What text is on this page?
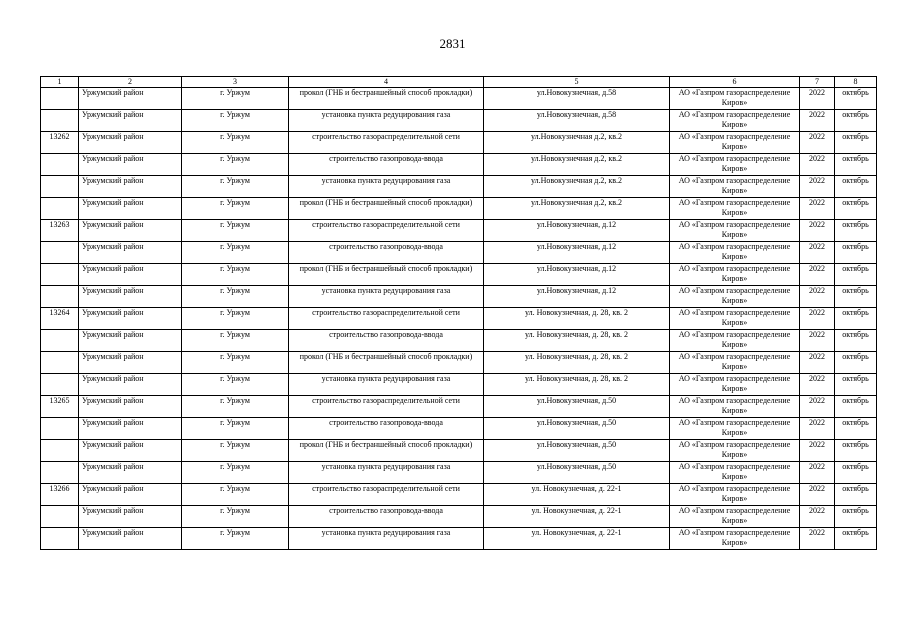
2831
1	2	3	4	5	6	7	8
	Уржумский район	г. Уржум	прокол (ГНБ и бестраншейный способ прокладки)	ул.Новокузнечная, д.58	АО «Газпром газораспределение Киров»	2022	октябрь
	Уржумский район	г. Уржум	установка пункта редуцирования газа	ул.Новокузнечная, д.58	АО «Газпром газораспределение Киров»	2022	октябрь
13262	Уржумский район	г. Уржум	строительство газораспределительной сети	ул.Новокузнечная д.2, кв.2	АО «Газпром газораспределение Киров»	2022	октябрь
	Уржумский район	г. Уржум	строительство газопровода-ввода	ул.Новокузнечная д.2, кв.2	АО «Газпром газораспределение Киров»	2022	октябрь
	Уржумский район	г. Уржум	установка пункта редуцирования газа	ул.Новокузнечная д.2, кв.2	АО «Газпром газораспределение Киров»	2022	октябрь
	Уржумский район	г. Уржум	прокол (ГНБ и бестраншейный способ прокладки)	ул.Новокузнечная д.2, кв.2	АО «Газпром газораспределение Киров»	2022	октябрь
13263	Уржумский район	г. Уржум	строительство газораспределительной сети	ул.Новокузнечная, д.12	АО «Газпром газораспределение Киров»	2022	октябрь
	Уржумский район	г. Уржум	строительство газопровода-ввода	ул.Новокузнечная, д.12	АО «Газпром газораспределение Киров»	2022	октябрь
	Уржумский район	г. Уржум	прокол (ГНБ и бестраншейный способ прокладки)	ул.Новокузнечная, д.12	АО «Газпром газораспределение Киров»	2022	октябрь
	Уржумский район	г. Уржум	установка пункта редуцирования газа	ул.Новокузнечная, д.12	АО «Газпром газораспределение Киров»	2022	октябрь
13264	Уржумский район	г. Уржум	строительство газораспределительной сети	ул. Новокузнечная, д. 28, кв. 2	АО «Газпром газораспределение Киров»	2022	октябрь
	Уржумский район	г. Уржум	строительство газопровода-ввода	ул. Новокузнечная, д. 28, кв. 2	АО «Газпром газораспределение Киров»	2022	октябрь
	Уржумский район	г. Уржум	прокол (ГНБ и бестраншейный способ прокладки)	ул. Новокузнечная, д. 28, кв. 2	АО «Газпром газораспределение Киров»	2022	октябрь
	Уржумский район	г. Уржум	установка пункта редуцирования газа	ул. Новокузнечная, д. 28, кв. 2	АО «Газпром газораспределение Киров»	2022	октябрь
13265	Уржумский район	г. Уржум	строительство газораспределительной сети	ул.Новокузнечная, д.50	АО «Газпром газораспределение Киров»	2022	октябрь
	Уржумский район	г. Уржум	строительство газопровода-ввода	ул.Новокузнечная, д.50	АО «Газпром газораспределение Киров»	2022	октябрь
	Уржумский район	г. Уржум	прокол (ГНБ и бестраншейный способ прокладки)	ул.Новокузнечная, д.50	АО «Газпром газораспределение Киров»	2022	октябрь
	Уржумский район	г. Уржум	установка пункта редуцирования газа	ул.Новокузнечная, д.50	АО «Газпром газораспределение Киров»	2022	октябрь
13266	Уржумский район	г. Уржум	строительство газораспределительной сети	ул. Новокузнечная, д. 22-1	АО «Газпром газораспределение Киров»	2022	октябрь
	Уржумский район	г. Уржум	строительство газопровода-ввода	ул. Новокузнечная, д. 22-1	АО «Газпром газораспределение Киров»	2022	октябрь
	Уржумский район	г. Уржум	установка пункта редуцирования газа	ул. Новокузнечная, д. 22-1	АО «Газпром газораспределение Киров»	2022	октябрь
